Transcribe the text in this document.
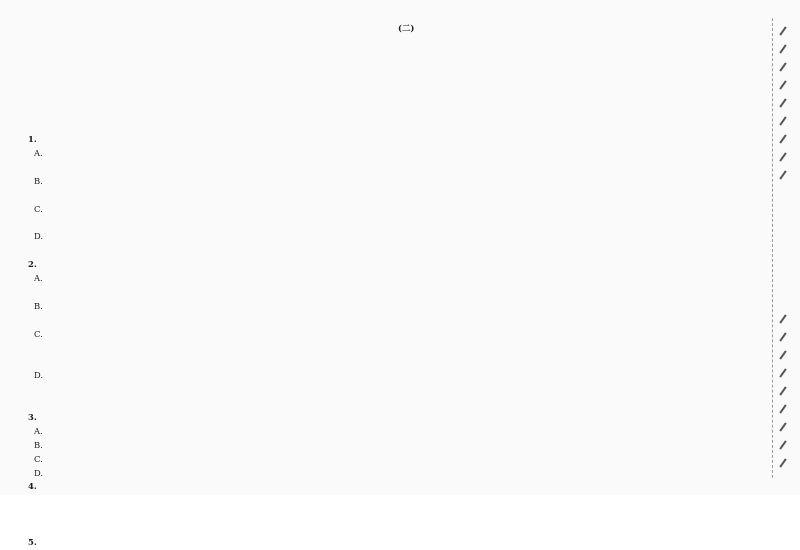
1.
A.
B.
C.
D.
2.
A.
B.
C.
D.
3.
A.
B.
C.
D.
4.
5.
(二)
